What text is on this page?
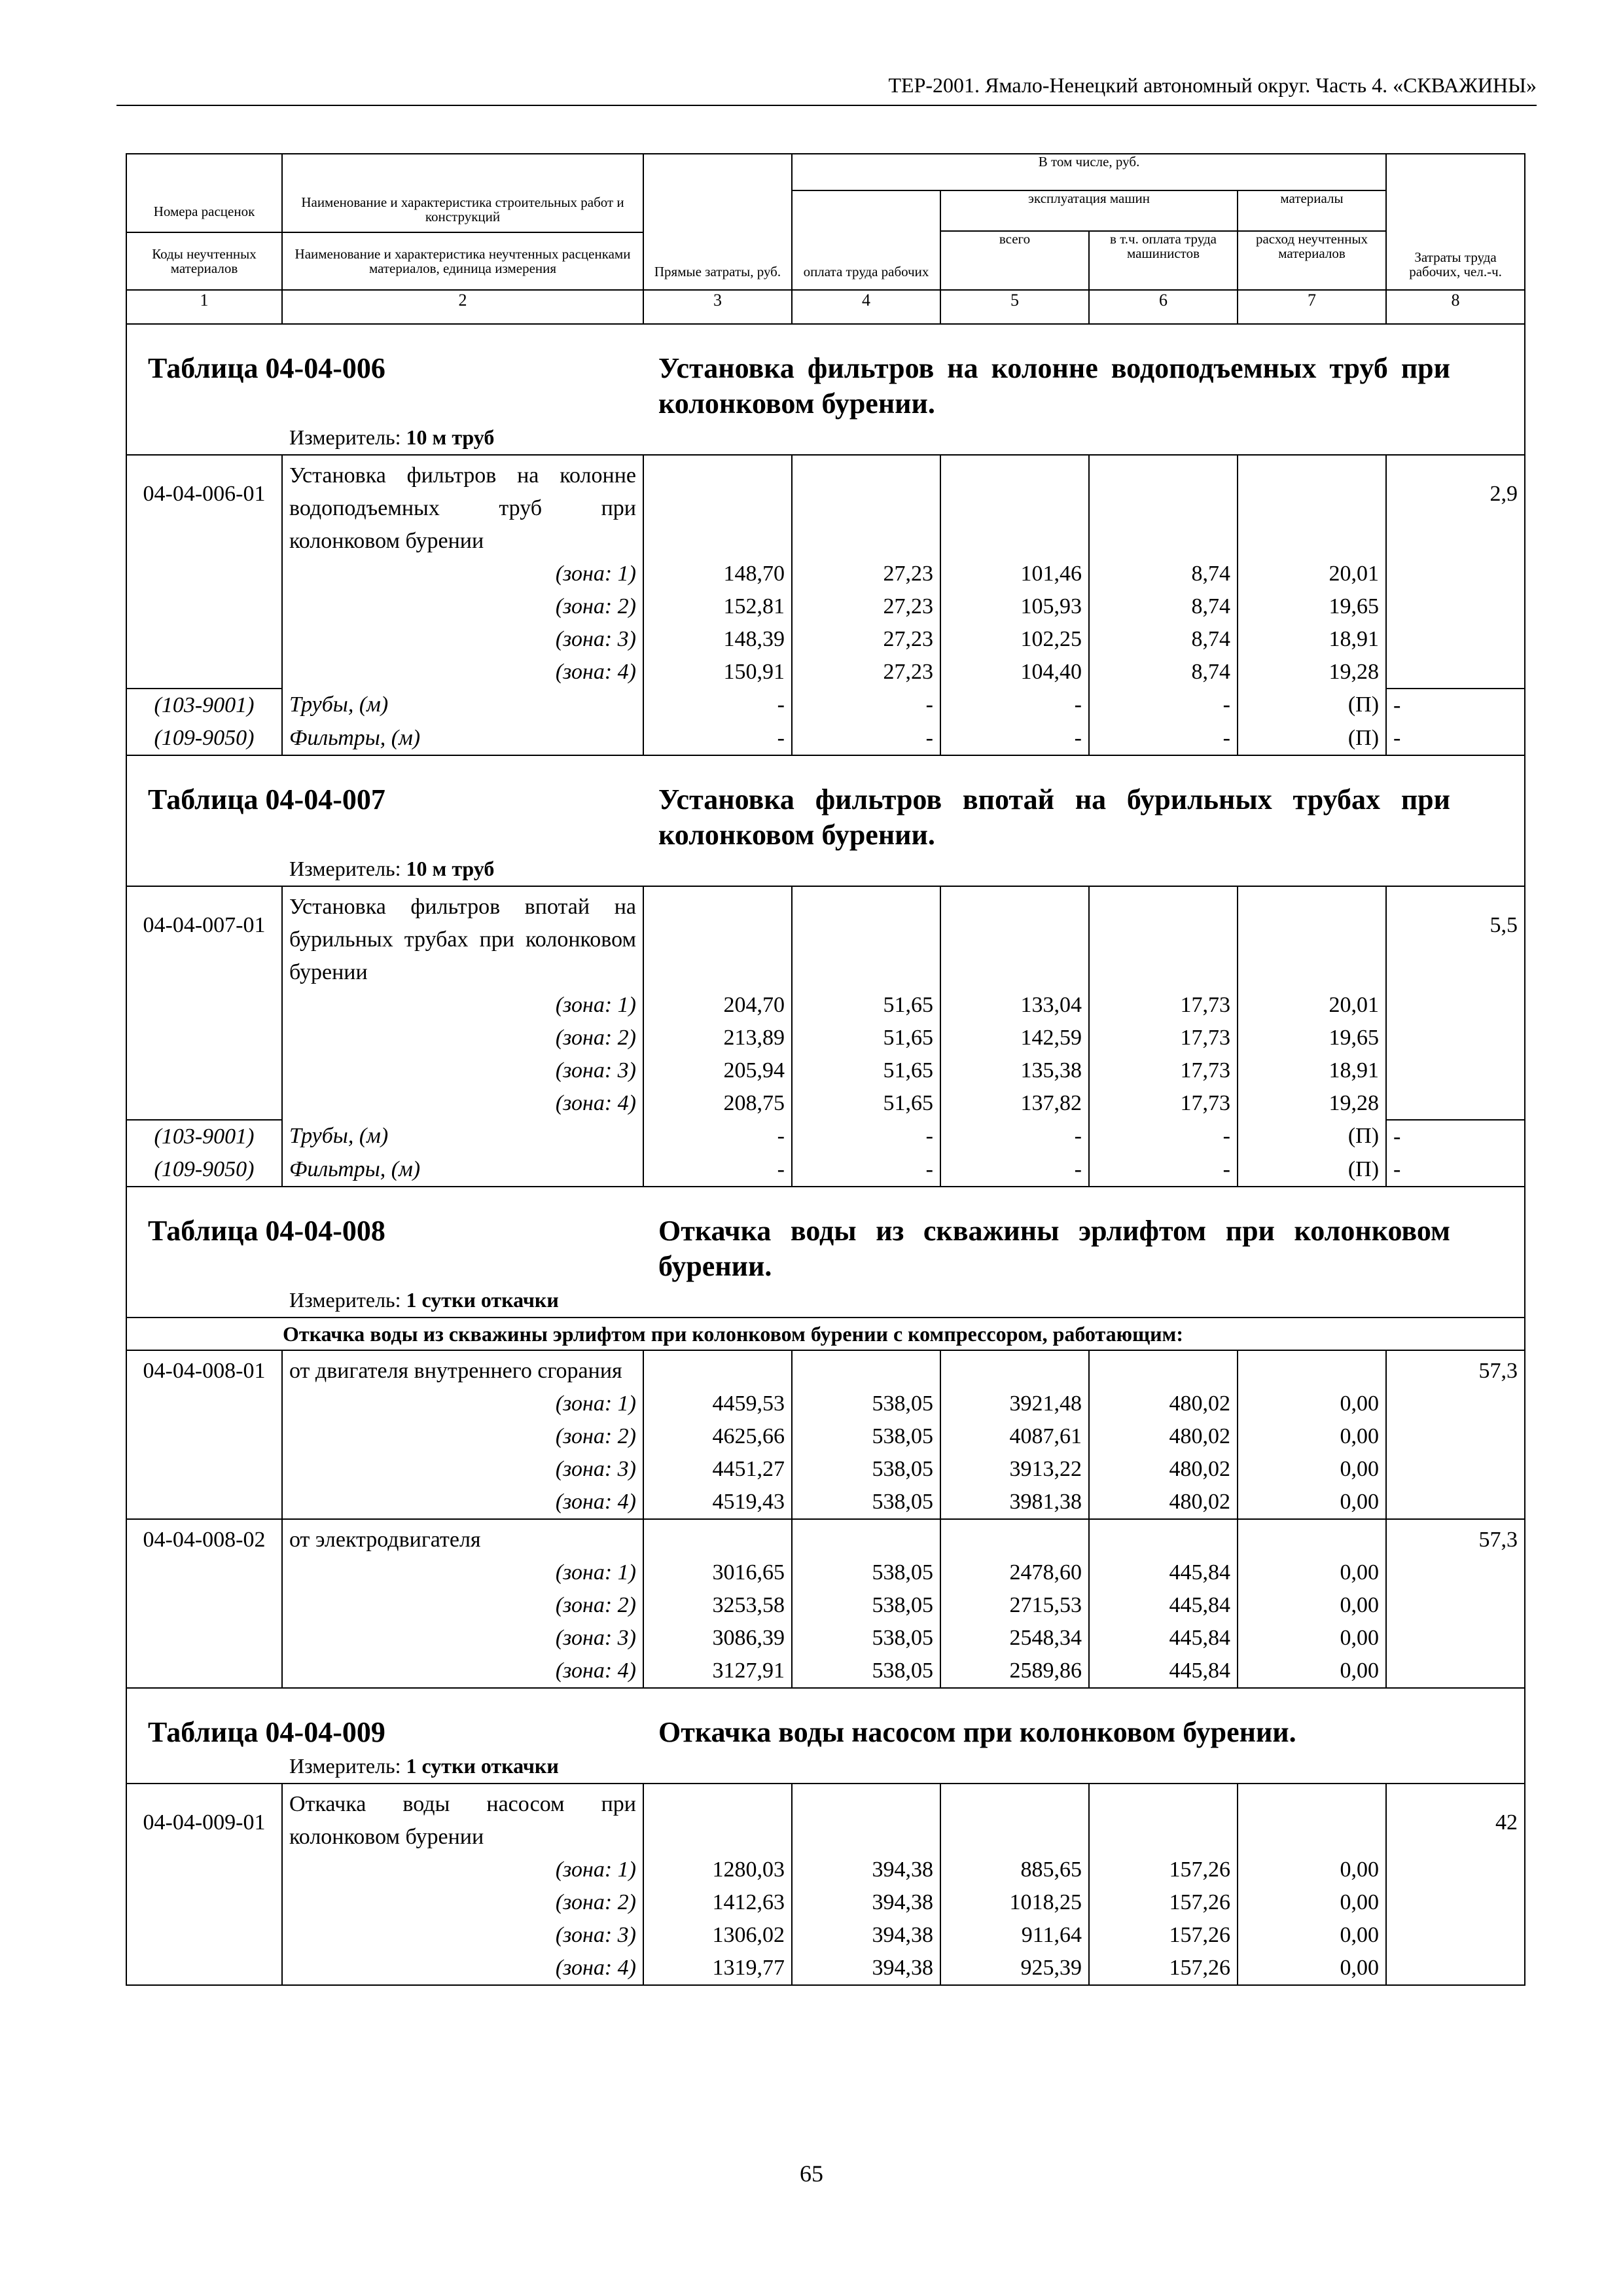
ТЕР-2001. Ямало-Ненецкий автономный округ. Часть 4. «СКВАЖИНЫ»
Номера расценок	Наименование и характеристика строительных работ и конструкций	Прямые затраты, руб.	В том числе, руб.				Затраты труда рабочих, чел.-ч.
			оплата труда рабочих	эксплуатация машин		материалы	
				всего	в т.ч. оплата труда машинистов	расход неучтенных материалов	
Коды неучтенных материалов	Наименование и характеристика неучтенных расценками материалов, единица измерения						

1	2	3	4	5	6	7	8

Таблица 04-04-006 Установка фильтров на колонне водоподъемных труб при колонковом бурении.
Измеритель: 10 м труб							

04-04-006-01	Установка фильтров на колонне водоподъемных труб при колонковом бурении						2,9
	(зона: 1)	148,70	27,23	101,46	8,74	20,01	
	(зона: 2)	152,81	27,23	105,93	8,74	19,65	
	(зона: 3)	148,39	27,23	102,25	8,74	18,91	
	(зона: 4)	150,91	27,23	104,40	8,74	19,28	
(103-9001)	Трубы, (м)	-	-	-	-	(П)	-
(109-9050)	Фильтры, (м)	-	-	-	-	(П)	-

Таблица 04-04-007 Установка фильтров впотай на бурильных трубах при колонковом бурении.
Измеритель: 10 м труб							

04-04-007-01	Установка фильтров впотай на бурильных трубах при колонковом бурении						5,5
	(зона: 1)	204,70	51,65	133,04	17,73	20,01	
	(зона: 2)	213,89	51,65	142,59	17,73	19,65	
	(зона: 3)	205,94	51,65	135,38	17,73	18,91	
	(зона: 4)	208,75	51,65	137,82	17,73	19,28	
(103-9001)	Трубы, (м)	-	-	-	-	(П)	-
(109-9050)	Фильтры, (м)	-	-	-	-	(П)	-

Таблица 04-04-008 Откачка воды из скважины эрлифтом при колонковом бурении.
Измеритель: 1 сутки откачки							

Откачка воды из скважины эрлифтом при колонковом бурении с компрессором, работающим:							
04-04-008-01	от двигателя внутреннего сгорания						57,3
	(зона: 1)	4459,53	538,05	3921,48	480,02	0,00	
	(зона: 2)	4625,66	538,05	4087,61	480,02	0,00	
	(зона: 3)	4451,27	538,05	3913,22	480,02	0,00	
	(зона: 4)	4519,43	538,05	3981,38	480,02	0,00	
04-04-008-02	от электродвигателя						57,3
	(зона: 1)	3016,65	538,05	2478,60	445,84	0,00	
	(зона: 2)	3253,58	538,05	2715,53	445,84	0,00	
	(зона: 3)	3086,39	538,05	2548,34	445,84	0,00	
	(зона: 4)	3127,91	538,05	2589,86	445,84	0,00	

Таблица 04-04-009 Откачка воды насосом при колонковом бурении.
Измеритель: 1 сутки откачки							

04-04-009-01	Откачка воды насосом при колонковом бурении						42
	(зона: 1)	1280,03	394,38	885,65	157,26	0,00	
	(зона: 2)	1412,63	394,38	1018,25	157,26	0,00	
	(зона: 3)	1306,02	394,38	911,64	157,26	0,00	
	(зона: 4)	1319,77	394,38	925,39	157,26	0,00	
65
